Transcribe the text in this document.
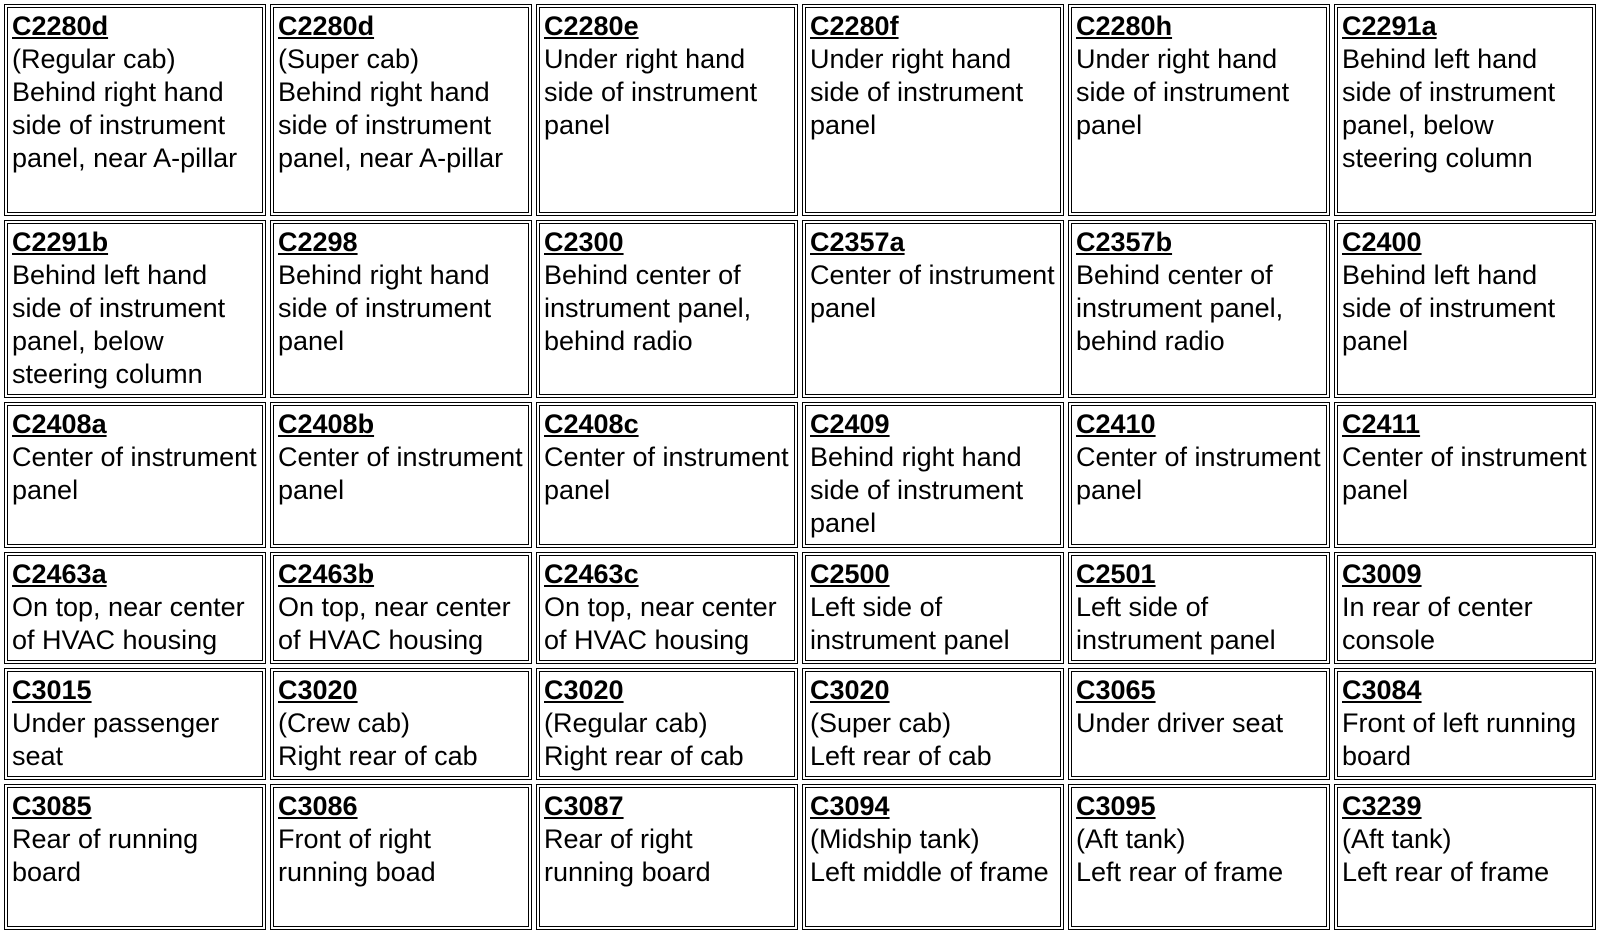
C2280d
(Regular cab)
Behind right hand side of instrument panel, near A-pillar
C2280d
(Super cab)
Behind right hand side of instrument panel, near A-pillar
C2280e
Under right hand side of instrument panel
C2280f
Under right hand side of instrument panel
C2280h
Under right hand side of instrument panel
C2291a
Behind left hand side of instrument panel, below steering column
C2291b
Behind left hand side of instrument panel, below steering column
C2298
Behind right hand side of instrument panel
C2300
Behind center of instrument panel, behind radio
C2357a
Center of instrument panel
C2357b
Behind center of instrument panel, behind radio
C2400
Behind left hand side of instrument panel
C2408a
Center of instrument panel
C2408b
Center of instrument panel
C2408c
Center of instrument panel
C2409
Behind right hand side of instrument panel
C2410
Center of instrument panel
C2411
Center of instrument panel
C2463a
On top, near center of HVAC housing
C2463b
On top, near center of HVAC housing
C2463c
On top, near center of HVAC housing
C2500
Left side of instrument panel
C2501
Left side of instrument panel
C3009
In rear of center console
C3015
Under passenger seat
C3020
(Crew cab)
Right rear of cab
C3020
(Regular cab)
Right rear of cab
C3020
(Super cab)
Left rear of cab
C3065
Under driver seat
C3084
Front of left running board
C3085
Rear of running board
C3086
Front of right running boad
C3087
Rear of right running board
C3094
(Midship tank)
Left middle of frame
C3095
(Aft tank)
Left rear of frame
C3239
(Aft tank)
Left rear of frame
